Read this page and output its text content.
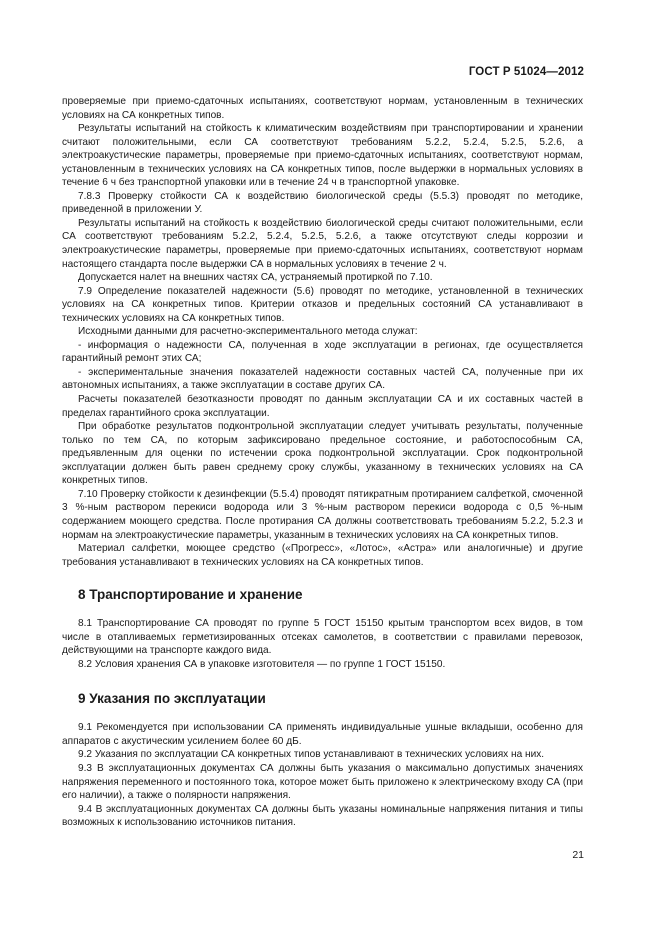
ГОСТ Р 51024—2012

проверяемые при приемо-сдаточных испытаниях, соответствуют нормам, установленным в технических условиях на СА конкретных типов.

Результаты испытаний на стойкость к климатическим воздействиям при транспортировании и хранении считают положительными, если СА соответствуют требованиям 5.2.2, 5.2.4, 5.2.5, 5.2.6, а электроакустические параметры, проверяемые при приемо-сдаточных испытаниях, соответствуют нормам, установленным в технических условиях на СА конкретных типов, после выдержки в нормальных условиях в течение 6 ч без транспортной упаковки или в течение 24 ч в транспортной упаковке.

7.8.3 Проверку стойкости СА к воздействию биологической среды (5.5.3) проводят по методике, приведенной в приложении У.

Результаты испытаний на стойкость к воздействию биологической среды считают положительными, если СА соответствуют требованиям 5.2.2, 5.2.4, 5.2.5, 5.2.6, а также отсутствуют следы коррозии и электроакустические параметры, проверяемые при приемо-сдаточных испытаниях, соответствуют нормам настоящего стандарта после выдержки СА в нормальных условиях в течение 2 ч.

Допускается налет на внешних частях СА, устраняемый протиркой по 7.10.

7.9 Определение показателей надежности (5.6) проводят по методике, установленной в технических условиях на СА конкретных типов. Критерии отказов и предельных состояний СА устанавливают в технических условиях на СА конкретных типов.

Исходными данными для расчетно-экспериментального метода служат:

- информация о надежности СА, полученная в ходе эксплуатации в регионах, где осуществляется гарантийный ремонт этих СА;

- экспериментальные значения показателей надежности составных частей СА, полученные при их автономных испытаниях, а также эксплуатации в составе других СА.

Расчеты показателей безотказности проводят по данным эксплуатации СА и их составных частей в пределах гарантийного срока эксплуатации.

При обработке результатов подконтрольной эксплуатации следует учитывать результаты, полученные только по тем СА, по которым зафиксировано предельное состояние, и работоспособным СА, предъявленным для оценки по истечении срока подконтрольной эксплуатации. Срок подконтрольной эксплуатации должен быть равен среднему сроку службы, указанному в технических условиях на СА конкретных типов.

7.10 Проверку стойкости к дезинфекции (5.5.4) проводят пятикратным протиранием салфеткой, смоченной 3 %-ным раствором перекиси водорода или 3 %-ным раствором перекиси водорода с 0,5 %-ным содержанием моющего средства. После протирания СА должны соответствовать требованиям 5.2.2, 5.2.3 и нормам на электроакустические параметры, указанным в технических условиях на СА конкретных типов.

Материал салфетки, моющее средство («Прогресс», «Лотос», «Астра» или аналогичные) и другие требования устанавливают в технических условиях на СА конкретных типов.

8 Транспортирование и хранение

8.1 Транспортирование СА проводят по группе 5 ГОСТ 15150 крытым транспортом всех видов, в том числе в отапливаемых герметизированных отсеках самолетов, в соответствии с правилами перевозок, действующими на транспорте каждого вида.

8.2 Условия хранения СА в упаковке изготовителя — по группе 1 ГОСТ 15150.

9 Указания по эксплуатации

9.1 Рекомендуется при использовании СА применять индивидуальные ушные вкладыши, особенно для аппаратов с акустическим усилением более 60 дБ.

9.2 Указания по эксплуатации СА конкретных типов устанавливают в технических условиях на них.

9.3 В эксплуатационных документах СА должны быть указания о максимально допустимых значениях напряжения переменного и постоянного тока, которое может быть приложено к электрическому входу СА (при его наличии), а также о полярности напряжения.

9.4 В эксплуатационных документах СА должны быть указаны номинальные напряжения питания и типы возможных к использованию источников питания.

21
